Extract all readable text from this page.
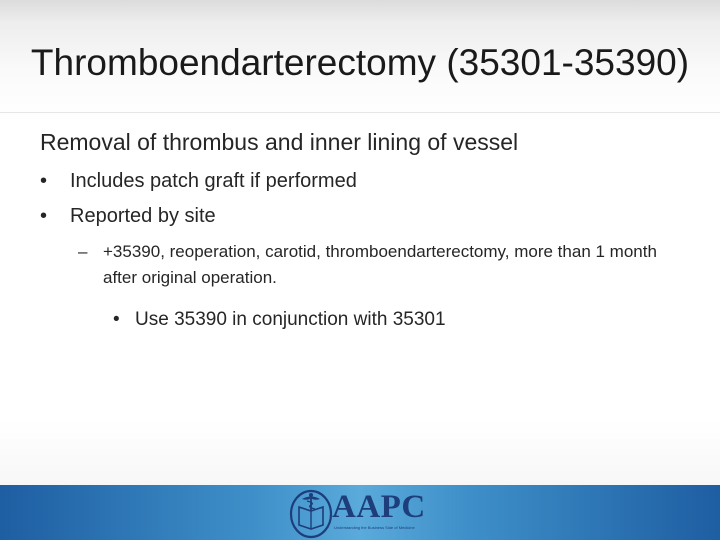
Thromboendarterectomy (35301-35390)
Removal of thrombus and inner lining of vessel
• Includes patch graft if performed
• Reported by site
– +35390, reoperation, carotid, thromboendarterectomy, more than 1 month after original operation.
• Use 35390 in conjunction with 35301
AAPC
Understanding the Business Side of Medicine
